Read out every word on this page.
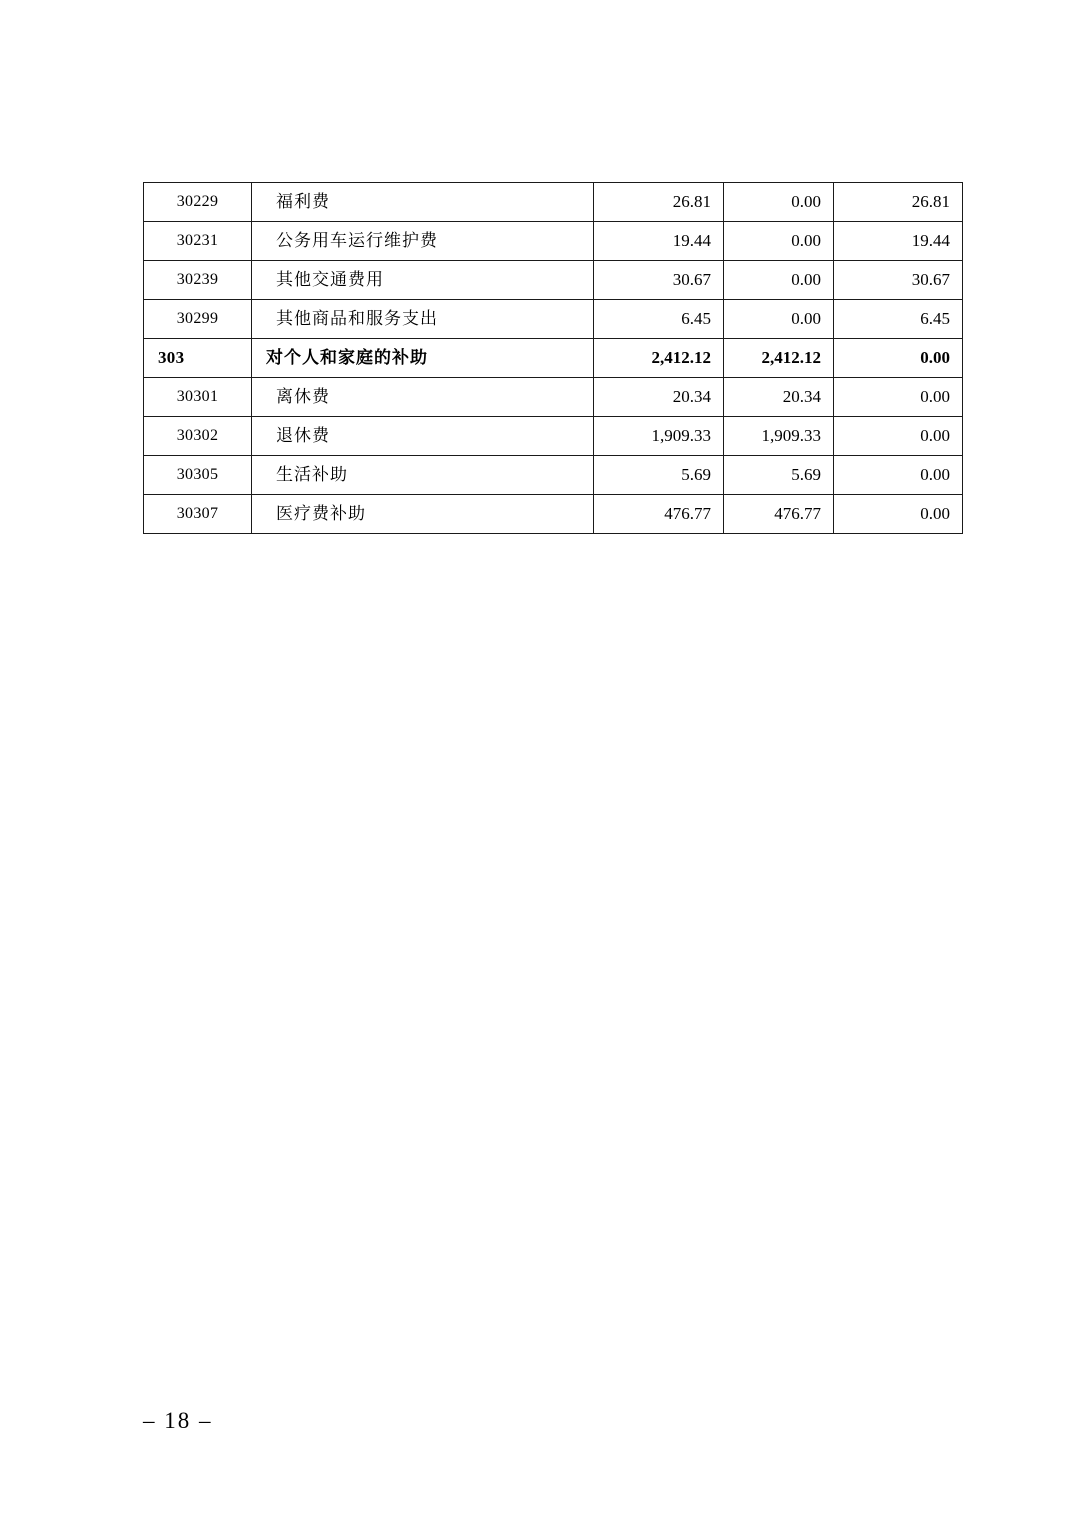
30229	福利费	26.81	0.00	26.81
30231	公务用车运行维护费	19.44	0.00	19.44
30239	其他交通费用	30.67	0.00	30.67
30299	其他商品和服务支出	6.45	0.00	6.45
303	对个人和家庭的补助	2,412.12	2,412.12	0.00
30301	离休费	20.34	20.34	0.00
30302	退休费	1,909.33	1,909.33	0.00
30305	生活补助	5.69	5.69	0.00
30307	医疗费补助	476.77	476.77	0.00
– 18 –
